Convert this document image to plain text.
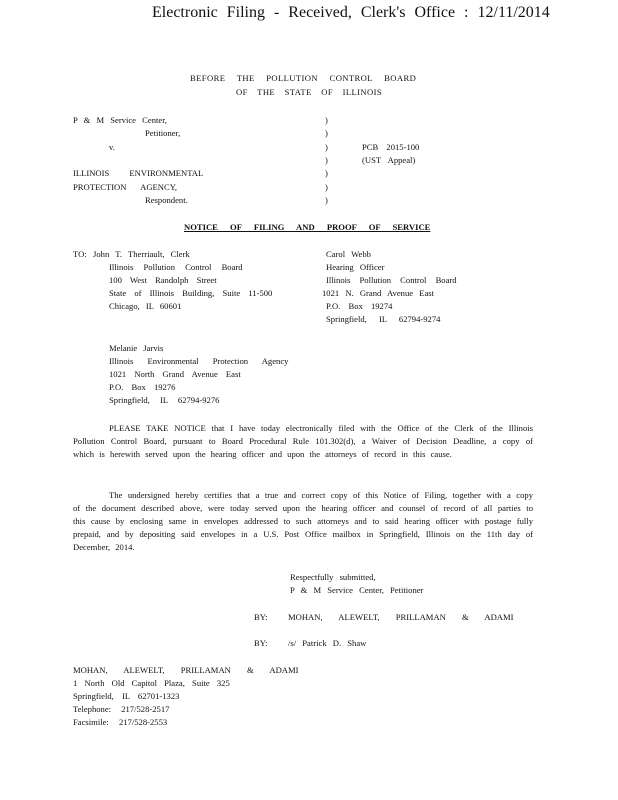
Electronic Filing - Received, Clerk's Office : 12/11/2014
BEFORE THE POLLUTION CONTROL BOARD
OF THE STATE OF ILLINOIS
P & M Service Center,
Petitioner,
v.
ILLINOIS ENVIRONMENTAL
PROTECTION AGENCY,
Respondent.
)
)
)
)
)
)
)
PCB 2015-100
(UST Appeal)
NOTICE OF FILING AND PROOF OF SERVICE
TO: John T. Therriault, Clerk
Illinois Pollution Control Board
100 West Randolph Street
State of Illinois Building, Suite 11-500
Chicago, IL 60601
Carol Webb
Hearing Officer
Illinois Pollution Control Board
1021 N. Grand Avenue East
P.O. Box 19274
Springfield, IL 62794-9274
Melanie Jarvis
Illinois Environmental Protection Agency
1021 North Grand Avenue East
P.O. Box 19276
Springfield, IL 62794-9276
PLEASE TAKE NOTICE that I have today electronically filed with the Office of the Clerk of the Illinois Pollution Control Board, pursuant to Board Procedural Rule 101.302(d), a Waiver of Decision Deadline, a copy of which is herewith served upon the hearing officer and upon the attorneys of record in this cause.
The undersigned hereby certifies that a true and correct copy of this Notice of Filing, together with a copy of the document described above, were today served upon the hearing officer and counsel of record of all parties to this cause by enclosing same in envelopes addressed to such attorneys and to said hearing officer with postage fully prepaid, and by depositing said envelopes in a U.S. Post Office mailbox in Springfield, Illinois on the 11th day of December, 2014.
Respectfully submitted,
P & M Service Center, Petitioner
BY: MOHAN, ALEWELT, PRILLAMAN & ADAMI
BY: /s/ Patrick D. Shaw
MOHAN, ALEWELT, PRILLAMAN & ADAMI
1 North Old Capitol Plaza, Suite 325
Springfield, IL 62701-1323
Telephone: 217/528-2517
Facsimile: 217/528-2553
